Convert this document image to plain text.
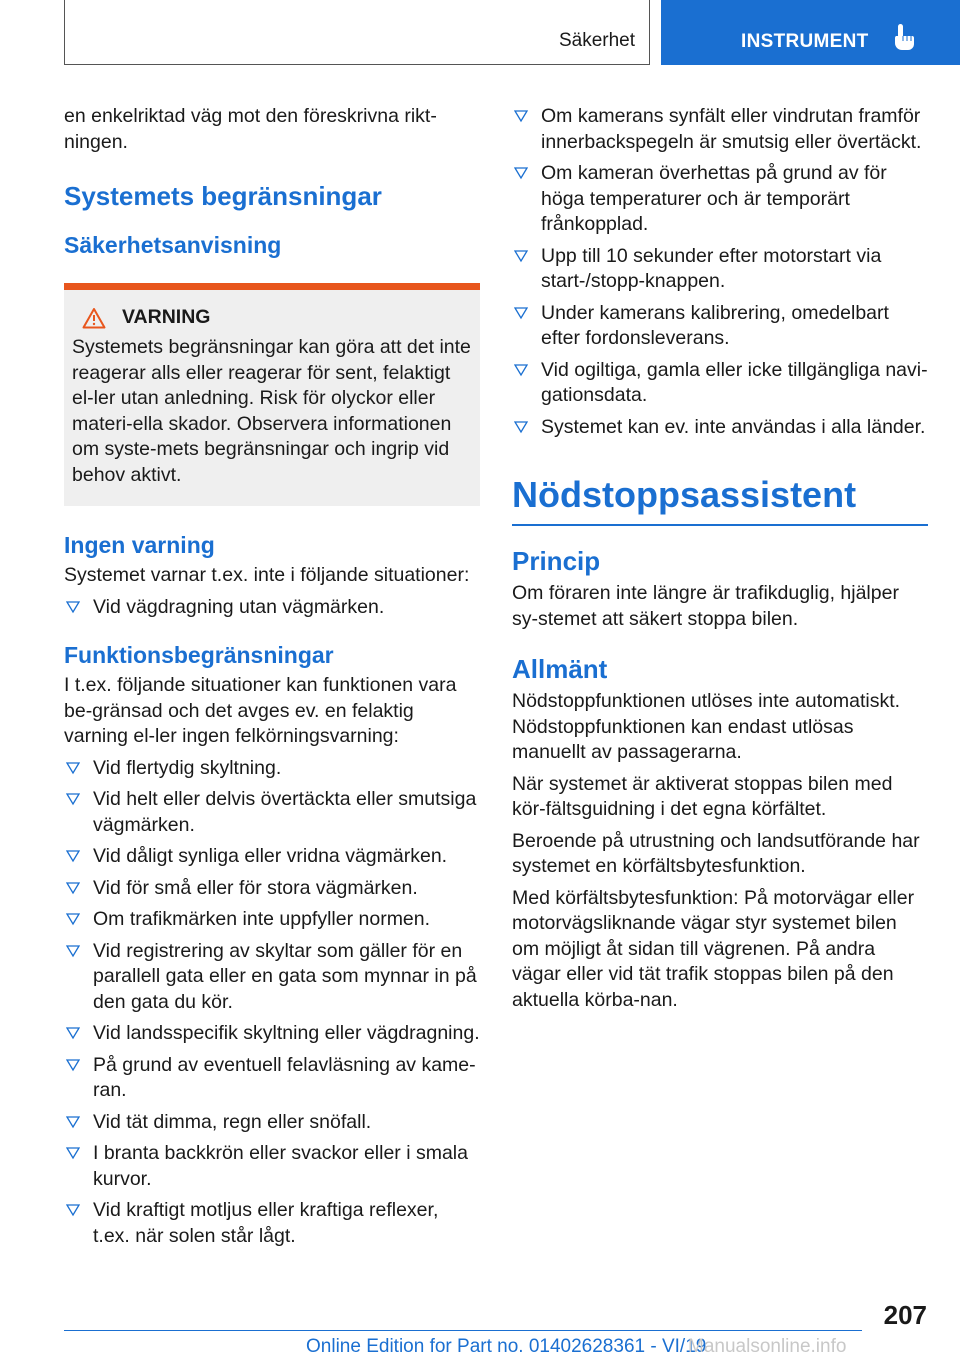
Säkerhet	INSTRUMENT

en enkelriktad väg mot den föreskrivna rikt-ningen.

Systemets begränsningar
Säkerhetsanvisning
VARNING

Systemets begränsningar kan göra att det inte reagerar alls eller reagerar för sent, felaktigt el-ler utan anledning. Risk för olyckor eller materi-ella skador. Observera informationen om syste-mets begränsningar och ingrip vid behov aktivt.

Ingen varning

Systemet varnar t.ex. inte i följande situationer:

Vid vägdragning utan vägmärken.
Funktionsbegränsningar

I t.ex. följande situationer kan funktionen vara be-gränsad och det avges ev. en felaktig varning el-ler ingen felkörningsvarning:

Vid flertydig skyltning.
Vid helt eller delvis övertäckta eller smutsiga vägmärken.
Vid dåligt synliga eller vridna vägmärken.
Vid för små eller för stora vägmärken.
Om trafikmärken inte uppfyller normen.
Vid registrering av skyltar som gäller för en parallell gata eller en gata som mynnar in på den gata du kör.
Vid landsspecifik skyltning eller vägdragning.
På grund av eventuell felavläsning av kame-ran.
Vid tät dimma, regn eller snöfall.
I branta backkrön eller svackor eller i smala kurvor.
Vid kraftigt motljus eller kraftiga reflexer, t.ex. när solen står lågt.
Om kamerans synfält eller vindrutan framför innerbackspegeln är smutsig eller övertäckt.
Om kameran överhettas på grund av för höga temperaturer och är temporärt frånkopplad.
Upp till 10 sekunder efter motorstart via start-/stopp-knappen.
Under kamerans kalibrering, omedelbart efter fordonsleverans.
Vid ogiltiga, gamla eller icke tillgängliga navi-gationsdata.
Systemet kan ev. inte användas i alla länder.
Nödstoppsassistent
Princip

Om föraren inte längre är trafikduglig, hjälper sy-stemet att säkert stoppa bilen.

Allmänt

Nödstoppfunktionen utlöses inte automatiskt. Nödstoppfunktionen kan endast utlösas manuellt av passagerarna.

När systemet är aktiverat stoppas bilen med kör-fältsguidning i det egna körfältet.

Beroende på utrustning och landsutförande har systemet en körfältsbytesfunktion.

Med körfältsbytesfunktion: På motorvägar eller motorvägsliknande vägar styr systemet bilen om möjligt åt sidan till vägrenen. På andra vägar eller vid tät trafik stoppas bilen på den aktuella körba-nan.

207
Online Edition for Part no. 01402628361 - VI/19
Manualsonline.info
